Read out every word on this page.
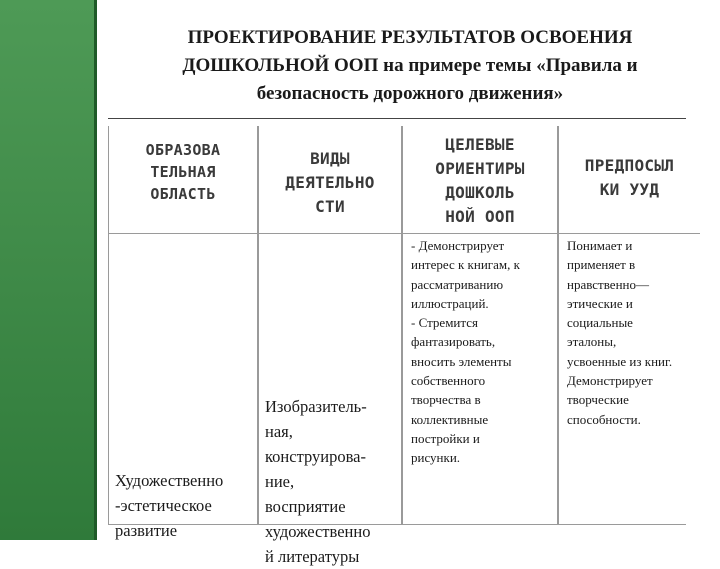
ПРОЕКТИРОВАНИЕ РЕЗУЛЬТАТОВ ОСВОЕНИЯ
ДОШКОЛЬНОЙ ООП на примере темы «Правила и
безопасность дорожного движения»
ОБРАЗОВА
ТЕЛЬНАЯ
ОБЛАСТЬ
Художественно
-эстетическое
развитие
ВИДЫ
ДЕЯТЕЛЬНО
СТИ
Изобразитель-
ная,
конструирова-
ние,
восприятие
художественно
й литературы
ЦЕЛЕВЫЕ
ОРИЕНТИРЫ
ДОШКОЛЬ
НОЙ ООП
- Демонстрирует
интерес к книгам, к
рассматриванию
иллюстраций.
- Стремится
фантазировать,
вносить элементы
собственного
творчества в
коллективные
постройки и
рисунки.
ПРЕДПОСЫЛ
КИ УУД
Понимает и
применяет в
нравственно—
этические и
социальные
эталоны,
усвоенные из книг.
Демонстрирует
творческие
способности.
